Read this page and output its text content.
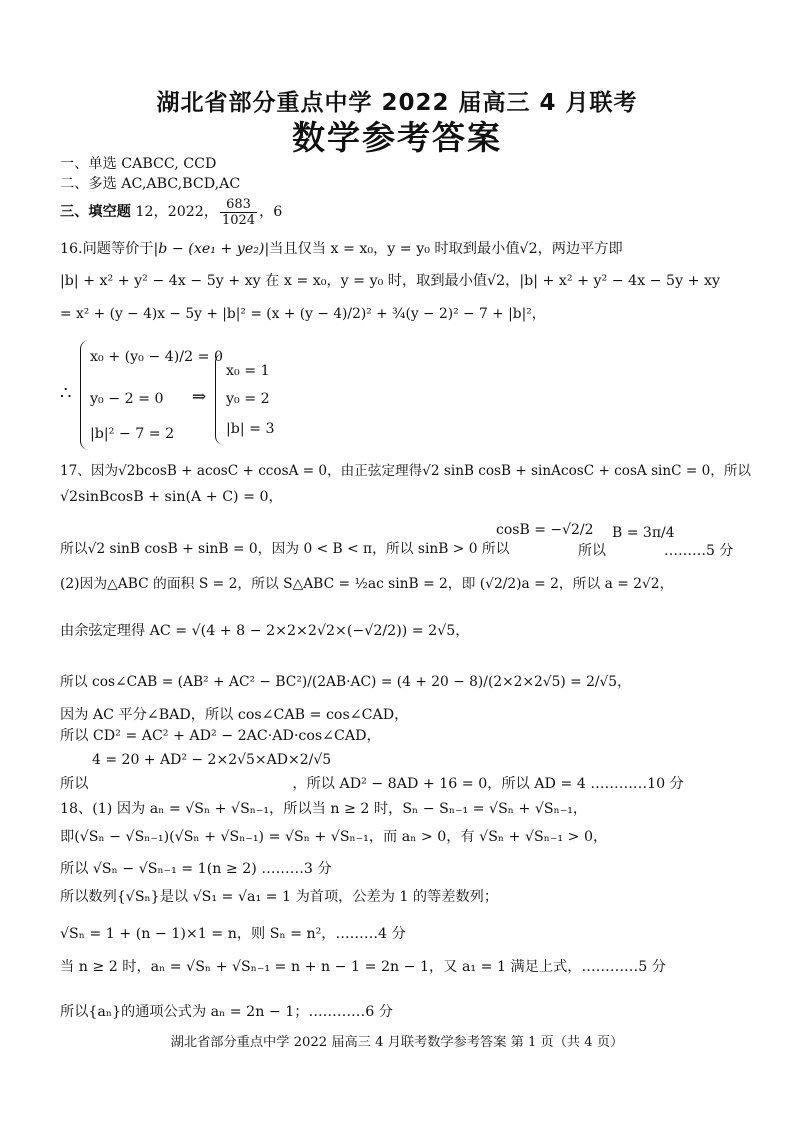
湖北省部分重点中学 2022 届高三 4 月联考
数学参考答案
一、单选 CABCC, CCD
二、多选 AC,ABC,BCD,AC
三、填空题 12，2022， $\frac{683}{1024}$ ，6
16.问题等价于|b − (xe₁ + ye₂)|当且仅当 x = x₀，y = y₀ 时取到最小值√2，两边平方即
|b| + x² + y² − 4x − 5y + xy 在 x = x₀，y = y₀ 时，取到最小值√2，|b| + x² + y² − 4x − 5y + xy
= x² + (y − 4)x − 5y + |b|² = (x + (y − 4)/2)² + ¾(y − 2)² − 7 + |b|²，
∴
x₀ + (y₀ − 4)/2 = 0
y₀ − 2 = 0
|b|² − 7 = 2
⇒
x₀ = 1
y₀ = 2
|b| = 3
17、因为√2bcosB + acosC + ccosA = 0，由正弦定理得√2 sinB cosB + sinAcosC + cosA sinC = 0，所以
√2sinBcosB + sin(A + C) = 0，
所以√2 sinB cosB + sinB = 0，因为 0 < B < π，所以 sinB > 0 所以
cosB = −√2/2
所以
B = 3π/4
………5 分
(2)因为△ABC 的面积 S = 2，所以 S△ABC = ½ac sinB = 2，即 (√2/2)a = 2，所以 a = 2√2，
由余弦定理得 AC = √(4 + 8 − 2×2×2√2×(−√2/2)) = 2√5，
所以 cos∠CAB = (AB² + AC² − BC²)/(2AB·AC) = (4 + 20 − 8)/(2×2×2√5) = 2/√5，
因为 AC 平分∠BAD，所以 cos∠CAB = cos∠CAD，
所以 CD² = AC² + AD² − 2AC·AD·cos∠CAD，
4 = 20 + AD² − 2×2√5×AD×2/√5
所以	，所以 AD² − 8AD + 16 = 0，所以 AD = 4 …………10 分
18、(1) 因为 aₙ = √Sₙ + √Sₙ₋₁，所以当 n ≥ 2 时，Sₙ − Sₙ₋₁ = √Sₙ + √Sₙ₋₁，
即(√Sₙ − √Sₙ₋₁)(√Sₙ + √Sₙ₋₁) = √Sₙ + √Sₙ₋₁，而 aₙ > 0，有 √Sₙ + √Sₙ₋₁ > 0，
所以 √Sₙ − √Sₙ₋₁ = 1(n ≥ 2) ………3 分
所以数列{√Sₙ}是以 √S₁ = √a₁ = 1 为首项，公差为 1 的等差数列；
√Sₙ = 1 + (n − 1)×1 = n，则 Sₙ = n²，………4 分
当 n ≥ 2 时，aₙ = √Sₙ + √Sₙ₋₁ = n + n − 1 = 2n − 1，又 a₁ = 1 满足上式，…………5 分
所以{aₙ}的通项公式为 aₙ = 2n − 1；…………6 分
湖北省部分重点中学 2022 届高三 4 月联考数学参考答案 第 1 页（共 4 页）
